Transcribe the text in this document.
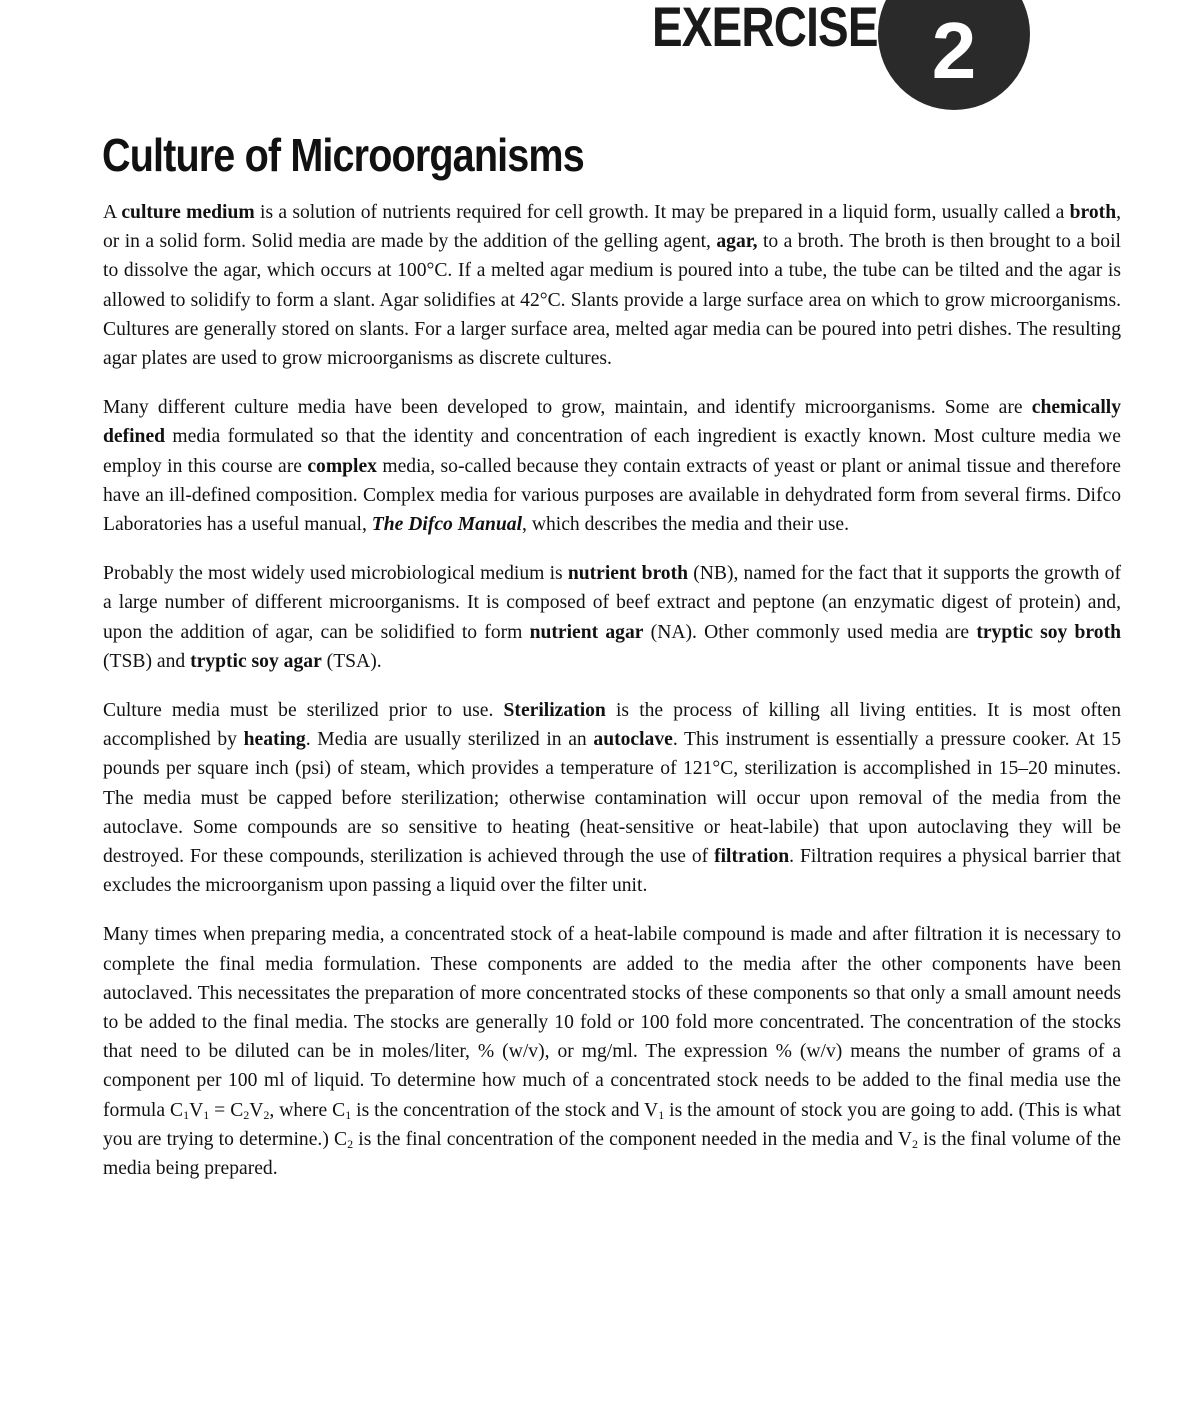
EXERCISE 2
Culture of Microorganisms

A culture medium is a solution of nutrients required for cell growth. It may be prepared in a liquid form, usually called a broth, or in a solid form. Solid media are made by the addition of the gelling agent, agar, to a broth. The broth is then brought to a boil to dissolve the agar, which occurs at 100°C. If a melted agar medium is poured into a tube, the tube can be tilted and the agar is allowed to solidify to form a slant. Agar solidifies at 42°C. Slants provide a large surface area on which to grow microorganisms. Cultures are generally stored on slants. For a larger surface area, melted agar media can be poured into petri dishes. The resulting agar plates are used to grow microorganisms as discrete cultures.

Many different culture media have been developed to grow, maintain, and identify microorganisms. Some are chemically defined media formulated so that the identity and concentration of each ingredient is exactly known. Most culture media we employ in this course are complex media, so-called because they contain extracts of yeast or plant or animal tissue and therefore have an ill-defined composition. Complex media for various purposes are available in dehydrated form from several firms. Difco Laboratories has a useful manual, The Difco Manual, which describes the media and their use.

Probably the most widely used microbiological medium is nutrient broth (NB), named for the fact that it supports the growth of a large number of different microorganisms. It is composed of beef extract and peptone (an enzymatic digest of protein) and, upon the addition of agar, can be solidified to form nutrient agar (NA). Other commonly used media are tryptic soy broth (TSB) and tryptic soy agar (TSA).

Culture media must be sterilized prior to use. Sterilization is the process of killing all living entities. It is most often accomplished by heating. Media are usually sterilized in an autoclave. This instrument is essentially a pressure cooker. At 15 pounds per square inch (psi) of steam, which provides a temperature of 121°C, sterilization is accomplished in 15–20 minutes. The media must be capped before sterilization; otherwise contamination will occur upon removal of the media from the autoclave. Some compounds are so sensitive to heating (heat-sensitive or heat-labile) that upon autoclaving they will be destroyed. For these compounds, sterilization is achieved through the use of filtration. Filtration requires a physical barrier that excludes the microorganism upon passing a liquid over the filter unit.

Many times when preparing media, a concentrated stock of a heat-labile compound is made and after filtration it is necessary to complete the final media formulation. These components are added to the media after the other components have been autoclaved. This necessitates the preparation of more concentrated stocks of these components so that only a small amount needs to be added to the final media. The stocks are generally 10 fold or 100 fold more concentrated. The concentration of the stocks that need to be diluted can be in moles/liter, % (w/v), or mg/ml. The expression % (w/v) means the number of grams of a component per 100 ml of liquid. To determine how much of a concentrated stock needs to be added to the final media use the formula $C_1V_1 = C_2V_2$, where $C_1$ is the concentration of the stock and $V_1$ is the amount of stock you are going to add. (This is what you are trying to determine.) $C_2$ is the final concentration of the component needed in the media and $V_2$ is the final volume of the media being prepared.
